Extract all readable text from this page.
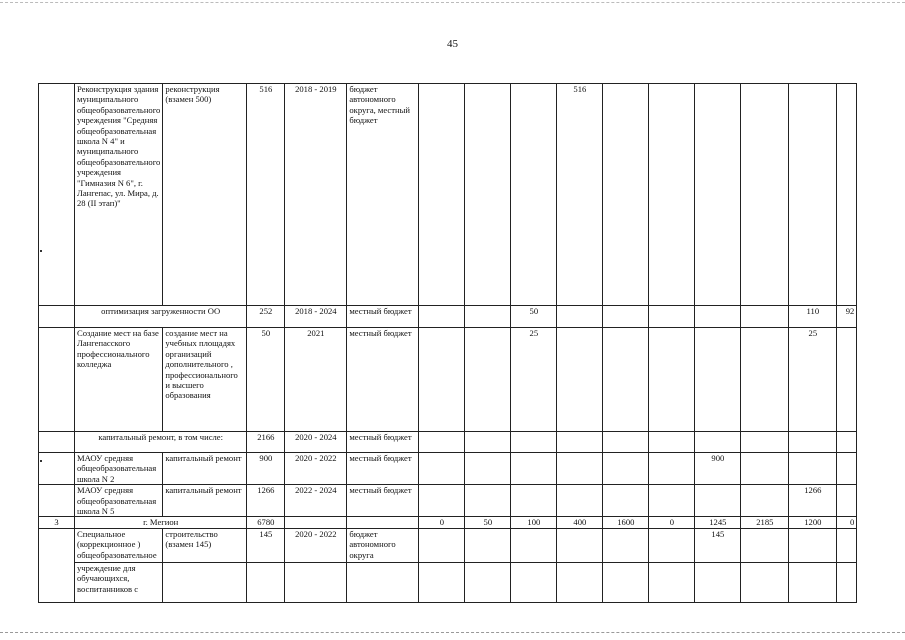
45
	Реконструкция здания муниципального общеобразовательного учреждения "Средняя общеобразовательная школа N 4" и муниципального общеобразовательного учреждения "Гимназия N 6", г. Лангепас, ул. Мира, д. 28 (II этап)"	реконструкция (взамен 500)	516	2018 - 2019	бюджет автономного округа, местный бюджет				516						
	оптимизация загруженности ОО		252	2018 - 2024	местный бюджет			50						110	92
	Создание мест на базе Лангепасского профессионального колледжа	создание мест на учебных площадях организаций дополнительного , профессионального и высшего образования	50	2021	местный бюджет			25						25	
	капитальный ремонт, в том числе:		2166	2020 - 2024	местный бюджет										
	МАОУ средняя общеобразовательная школа N 2	капитальный ремонт	900	2020 - 2022	местный бюджет							900			
	МАОУ средняя общеобразовательная школа N 5	капитальный ремонт	1266	2022 - 2024	местный бюджет									1266	
3	г. Мегион		6780			0	50	100	400	1600	0	1245	2185	1200	0
	Специальное (коррекционное ) общеобразовательное	строительство (взамен 145)	145	2020 - 2022	бюджет автономного округа							145			
	учреждение для обучающихся, воспитанников с														
